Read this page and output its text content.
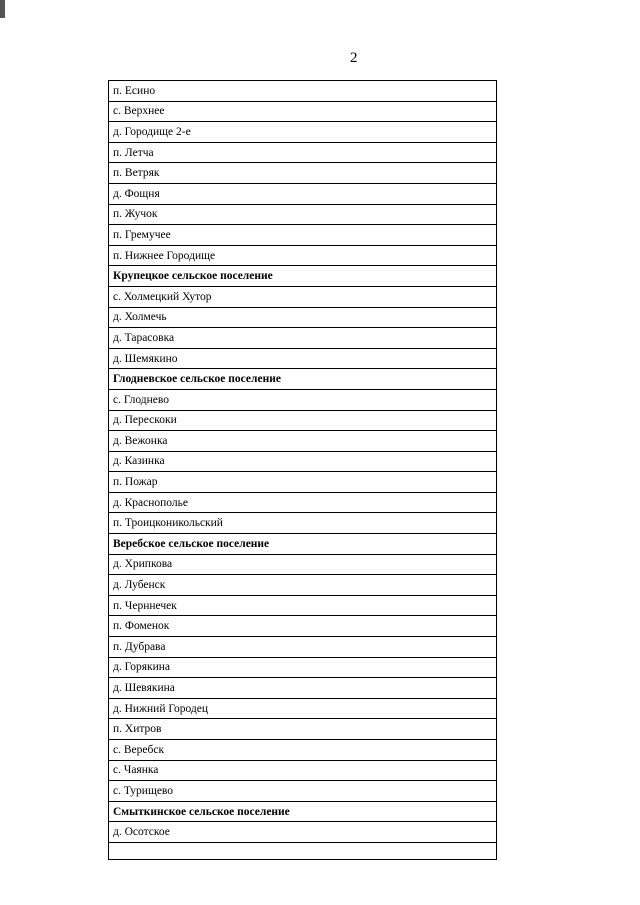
2
п. Есино
с. Верхнее
д. Городище 2-е
п. Летча
п. Ветряк
д. Фощня
п. Жучок
п. Гремучее
п. Нижнее Городище
Крупецкое сельское поселение
с. Холмецкий Хутор
д. Холмечь
д. Тарасовка
д. Шемякино
Глодневское сельское поселение
с. Глоднево
д. Перескоки
д. Вежонка
д. Казинка
п. Пожар
д. Краснополье
п. Троицконикольский
Веребское сельское поселение
д. Хрипкова
д. Лубенск
п. Черннечек
п. Фоменок
п. Дубрава
д. Горякина
д. Шевякина
д. Нижний Городец
п. Хитров
с. Веребск
с. Чаянка
с. Турищево
Смыткинское сельское поселение
д. Осотское
